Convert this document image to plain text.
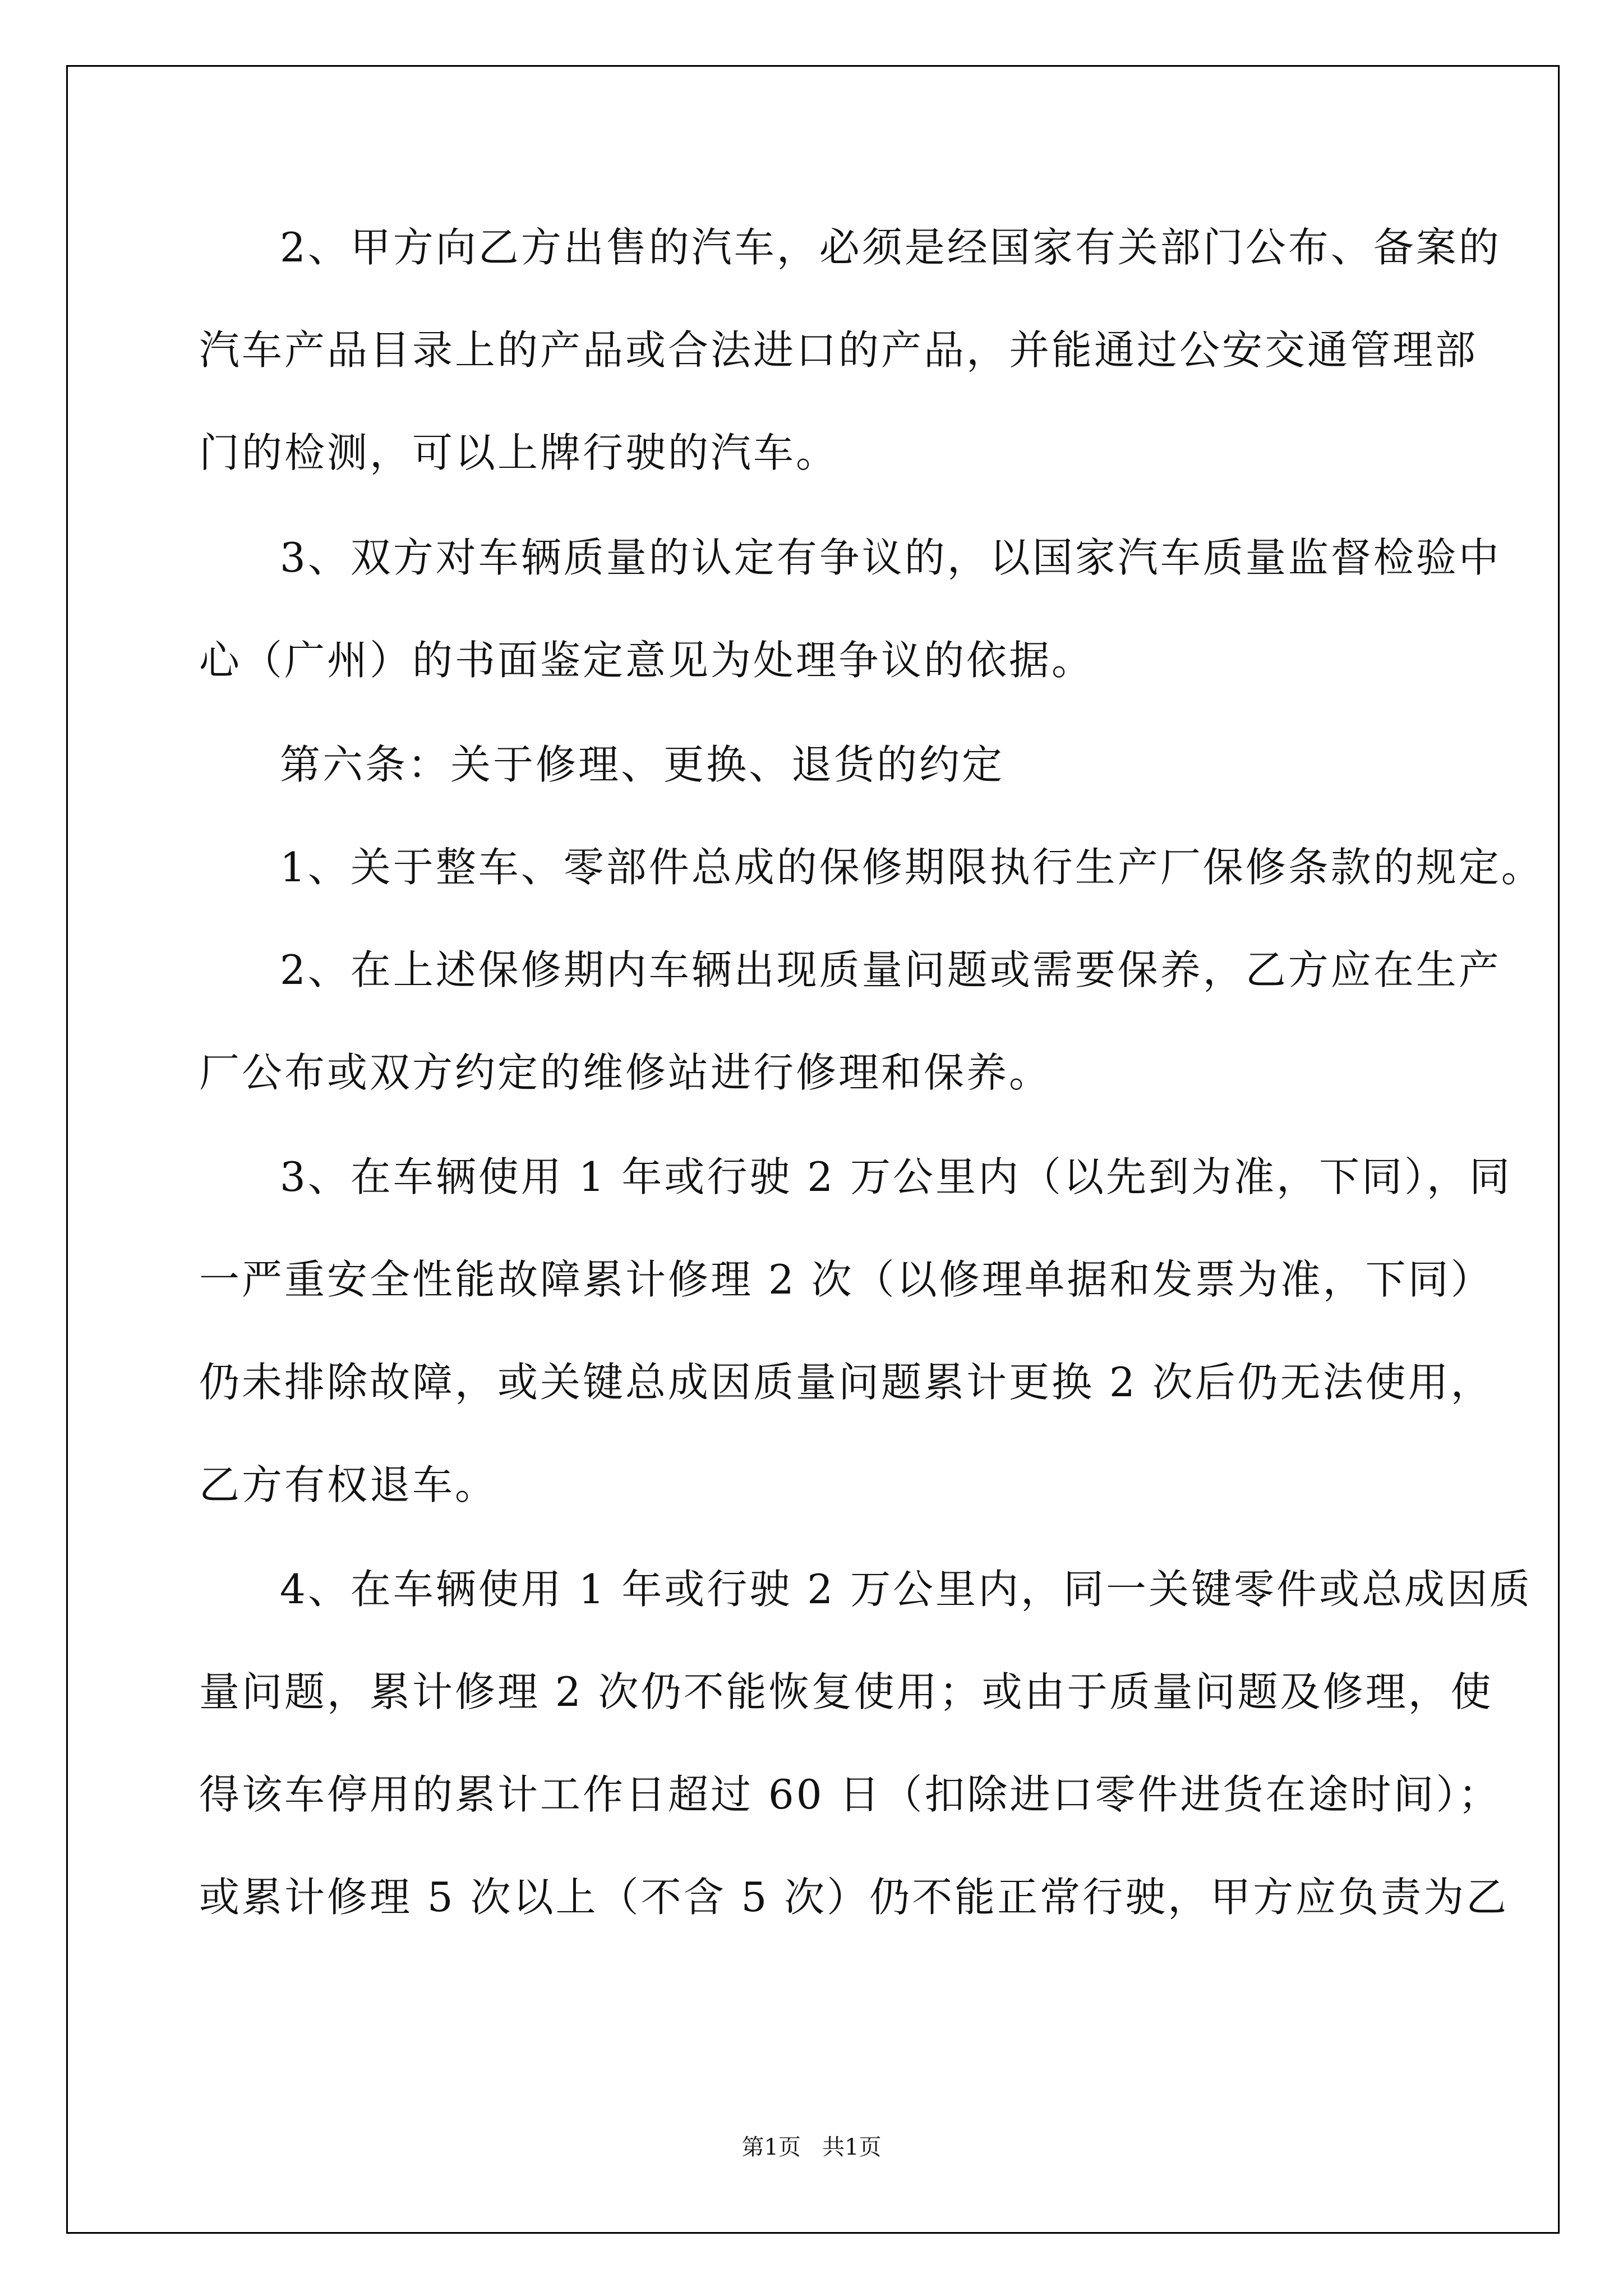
2、甲方向乙方出售的汽车，必须是经国家有关部门公布、备案的
汽车产品目录上的产品或合法进口的产品，并能通过公安交通管理部
门的检测，可以上牌行驶的汽车。
3、双方对车辆质量的认定有争议的，以国家汽车质量监督检验中
心（广州）的书面鉴定意见为处理争议的依据。
第六条：关于修理、更换、退货的约定
1、关于整车、零部件总成的保修期限执行生产厂保修条款的规定。
2、在上述保修期内车辆出现质量问题或需要保养，乙方应在生产
厂公布或双方约定的维修站进行修理和保养。
3、在车辆使用 1 年或行驶 2 万公里内（以先到为准，下同），同
一严重安全性能故障累计修理 2 次（以修理单据和发票为准，下同）
仍未排除故障，或关键总成因质量问题累计更换 2 次后仍无法使用，
乙方有权退车。
4、在车辆使用 1 年或行驶 2 万公里内，同一关键零件或总成因质
量问题，累计修理 2 次仍不能恢复使用；或由于质量问题及修理，使
得该车停用的累计工作日超过 60 日（扣除进口零件进货在途时间）；
或累计修理 5 次以上（不含 5 次）仍不能正常行驶，甲方应负责为乙
第1页   共1页
